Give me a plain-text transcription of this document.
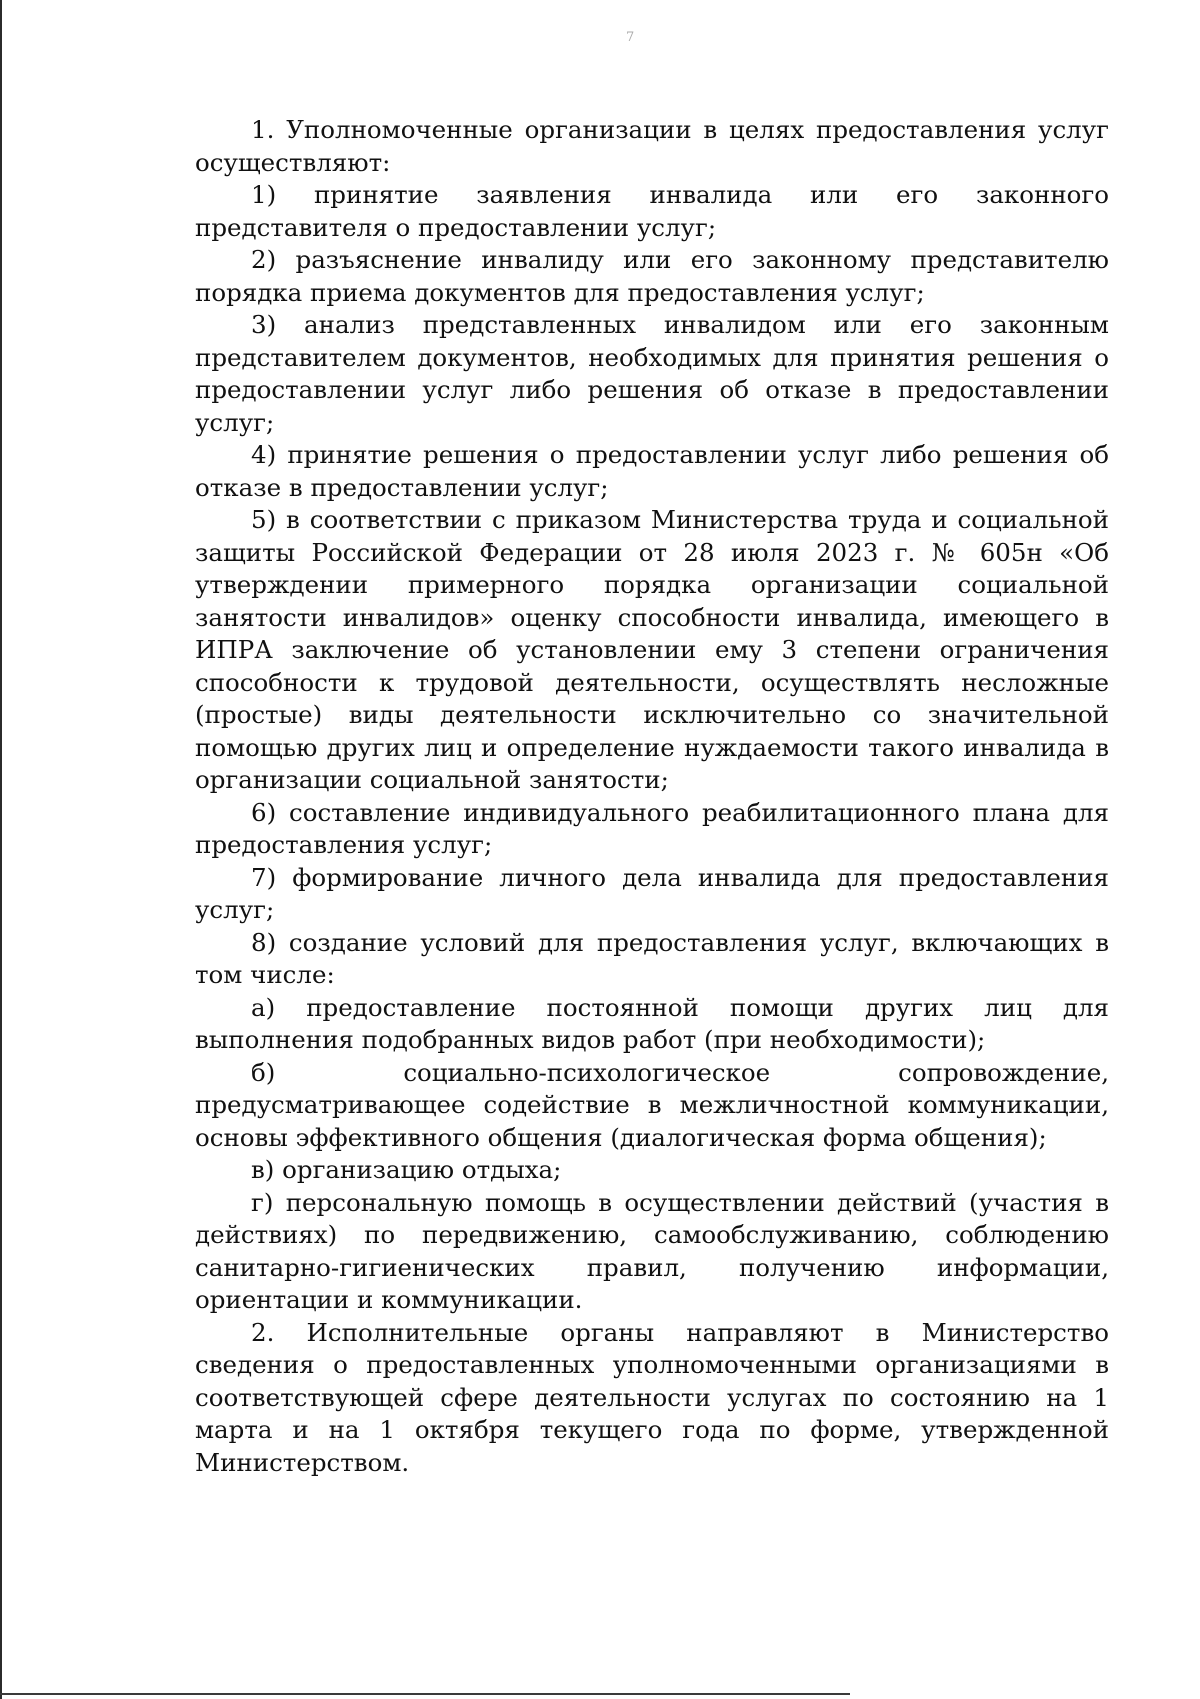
7

1. Уполномоченные организации в целях предоставления услуг осуществляют:

1) принятие заявления инвалида или его законного представителя о предоставлении услуг;

2) разъяснение инвалиду или его законному представителю порядка приема документов для предоставления услуг;

3) анализ представленных инвалидом или его законным представителем документов, необходимых для принятия решения о предоставлении услуг либо решения об отказе в предоставлении услуг;

4) принятие решения о предоставлении услуг либо решения об отказе в предоставлении услуг;

5) в соответствии с приказом Министерства труда и социальной защиты Российской Федерации от 28 июля 2023 г. № 605н «Об утверждении примерного порядка организации социальной занятости инвалидов» оценку способности инвалида, имеющего в ИПРА заключение об установлении ему 3 степени ограничения способности к трудовой деятельности, осуществлять несложные (простые) виды деятельности исключительно со значительной помощью других лиц и определение нуждаемости такого инвалида в организации социальной занятости;

6) составление индивидуального реабилитационного плана для предоставления услуг;

7) формирование личного дела инвалида для предоставления услуг;

8) создание условий для предоставления услуг, включающих в том числе:

а) предоставление постоянной помощи других лиц для выполнения подобранных видов работ (при необходимости);

б) социально-психологическое сопровождение, предусматривающее содействие в межличностной коммуникации, основы эффективного общения (диалогическая форма общения);

в) организацию отдыха;

г) персональную помощь в осуществлении действий (участия в действиях) по передвижению, самообслуживанию, соблюдению санитарно-гигиенических правил, получению информации, ориентации и коммуникации.

2. Исполнительные органы направляют в Министерство сведения о предоставленных уполномоченными организациями в соответствующей сфере деятельности услугах по состоянию на 1 марта и на 1 октября текущего года по форме, утвержденной Министерством.
